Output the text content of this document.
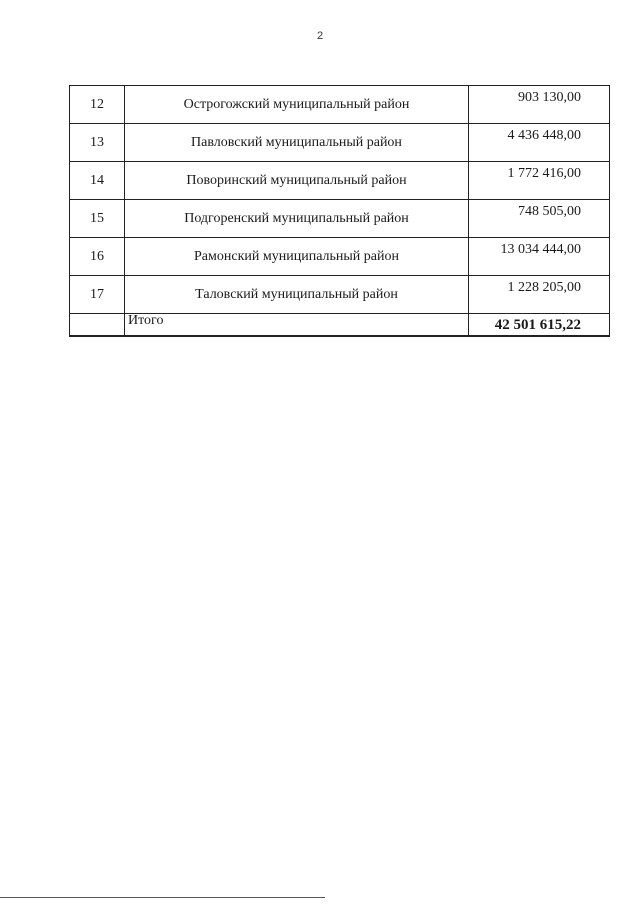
2
12	Острогожский муниципальный район	903 130,00
13	Павловский муниципальный район	4 436 448,00
14	Поворинский муниципальный район	1 772 416,00
15	Подгоренский муниципальный район	748 505,00
16	Рамонский муниципальный район	13 034 444,00
17	Таловский муниципальный район	1 228 205,00
	Итого	42 501 615,22
